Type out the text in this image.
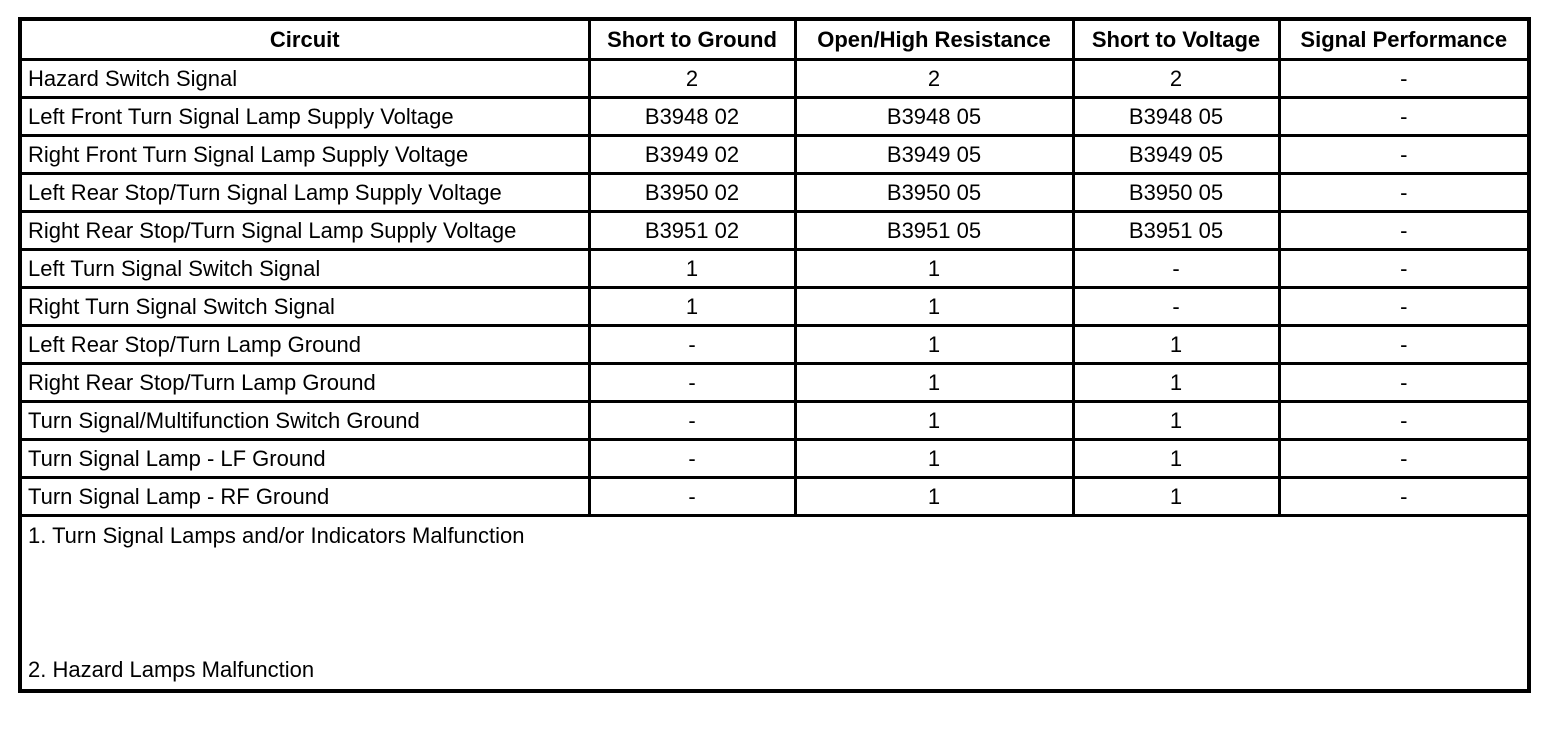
Circuit	Short to Ground	Open/High Resistance	Short to Voltage	Signal Performance
Hazard Switch Signal	2	2	2	-
Left Front Turn Signal Lamp Supply Voltage	B3948 02	B3948 05	B3948 05	-
Right Front Turn Signal Lamp Supply Voltage	B3949 02	B3949 05	B3949 05	-
Left Rear Stop/Turn Signal Lamp Supply Voltage	B3950 02	B3950 05	B3950 05	-
Right Rear Stop/Turn Signal Lamp Supply Voltage	B3951 02	B3951 05	B3951 05	-
Left Turn Signal Switch Signal	1	1	-	-
Right Turn Signal Switch Signal	1	1	-	-
Left Rear Stop/Turn Lamp Ground	-	1	1	-
Right Rear Stop/Turn Lamp Ground	-	1	1	-
Turn Signal/Multifunction Switch Ground	-	1	1	-
Turn Signal Lamp - LF Ground	-	1	1	-
Turn Signal Lamp - RF Ground	-	1	1	-

1. Turn Signal Lamps and/or Indicators Malfunction
2. Hazard Lamps Malfunction				
